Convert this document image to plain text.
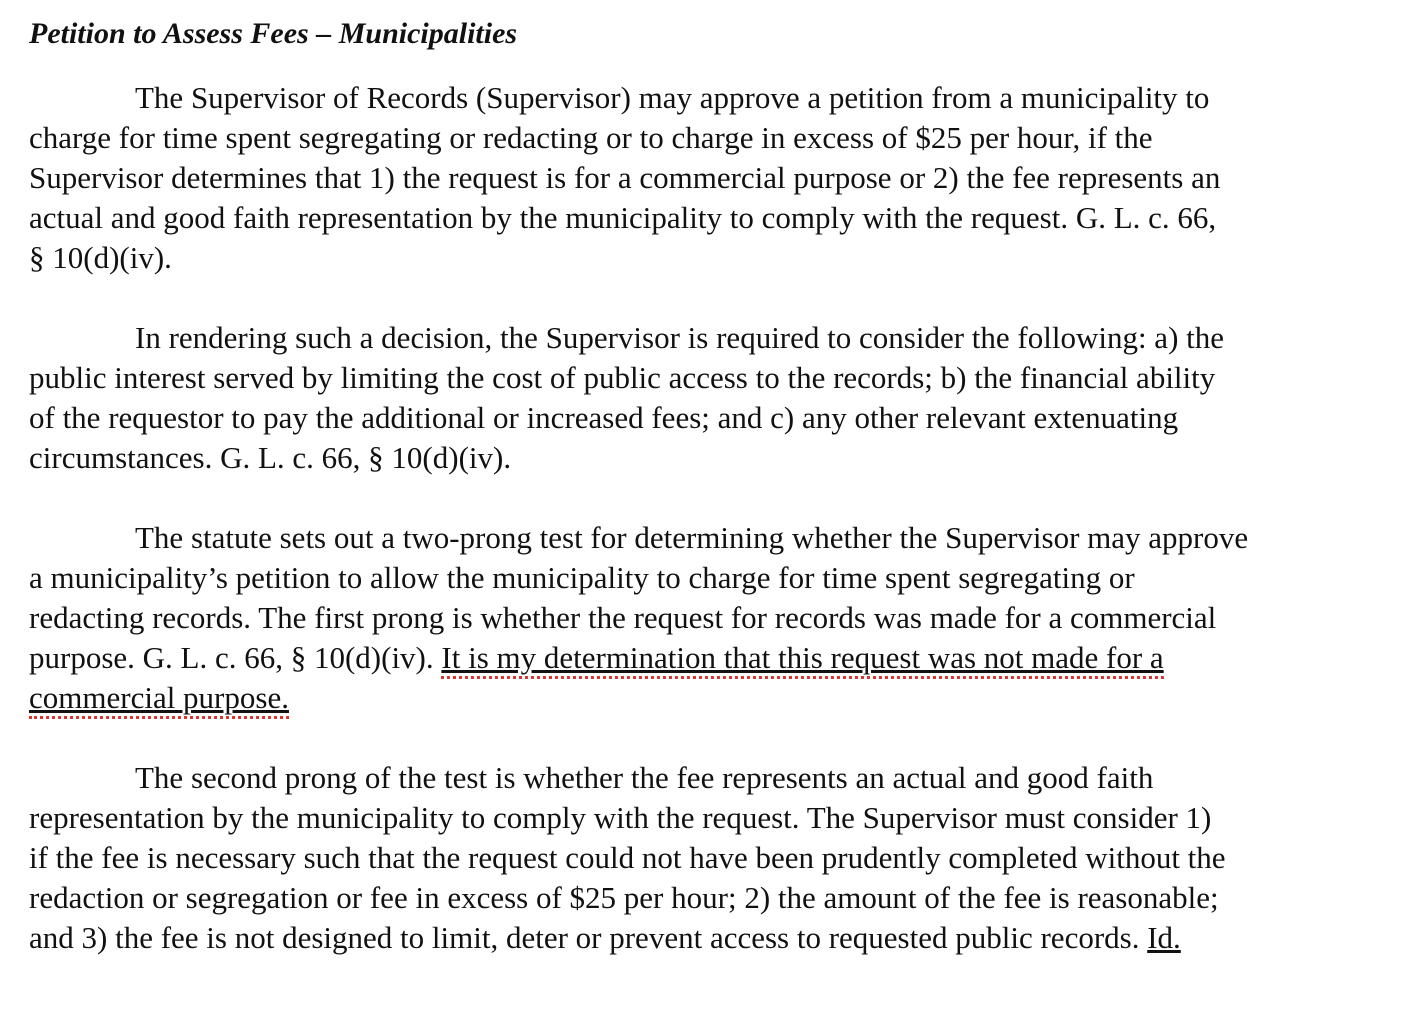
Petition to Assess Fees – Municipalities
The Supervisor of Records (Supervisor) may approve a petition from a municipality to
charge for time spent segregating or redacting or to charge in excess of $25 per hour, if the
Supervisor determines that 1) the request is for a commercial purpose or 2) the fee represents an
actual and good faith representation by the municipality to comply with the request. G. L. c. 66,
§ 10(d)(iv).
In rendering such a decision, the Supervisor is required to consider the following: a) the
public interest served by limiting the cost of public access to the records; b) the financial ability
of the requestor to pay the additional or increased fees; and c) any other relevant extenuating
circumstances. G. L. c. 66, § 10(d)(iv).
The statute sets out a two-prong test for determining whether the Supervisor may approve
a municipality’s petition to allow the municipality to charge for time spent segregating or
redacting records. The first prong is whether the request for records was made for a commercial
purpose. G. L. c. 66, § 10(d)(iv). It is my determination that this request was not made for a
commercial purpose.
The second prong of the test is whether the fee represents an actual and good faith
representation by the municipality to comply with the request. The Supervisor must consider 1)
if the fee is necessary such that the request could not have been prudently completed without the
redaction or segregation or fee in excess of $25 per hour; 2) the amount of the fee is reasonable;
and 3) the fee is not designed to limit, deter or prevent access to requested public records. Id.
